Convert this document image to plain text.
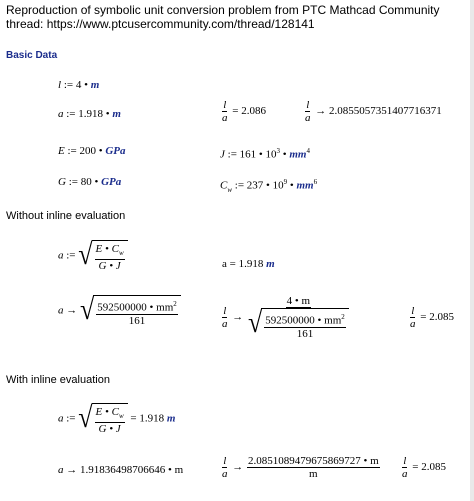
Reproduction of symbolic unit conversion problem from PTC Mathcad Community
thread: https://www.ptcusercommunity.com/thread/128141
Basic Data
l := 4 • m
a := 1.918 • m	$\frac{l}{a} = 2.086$	$\frac{l}{a} \to 2.0855057351407716371$
E := 200 • GPa	J := 161 • $10^3$ • $mm^4$
G := 80 • GPa	$C_w$ := 237 • $10^9$ • $mm^6$
Without inline evaluation
a := √ $\frac{E • C_w}{G • J}$	a = 1.918 m
a → √ $\frac{592500000 • mm^2}{161}$	$\frac{l}{a} \to \frac{4 • m}{√ \frac{592500000 • mm^2}{161}}$	$\frac{l}{a} = 2.085$
With inline evaluation
a := √ $\frac{E • C_w}{G • J} = 1.918$ m
a → 1.91836498706646 • m	$\frac{l}{a} \to \frac{2.0851089479675869727 • m}{m} \frac{l}{a} = 2.085$
